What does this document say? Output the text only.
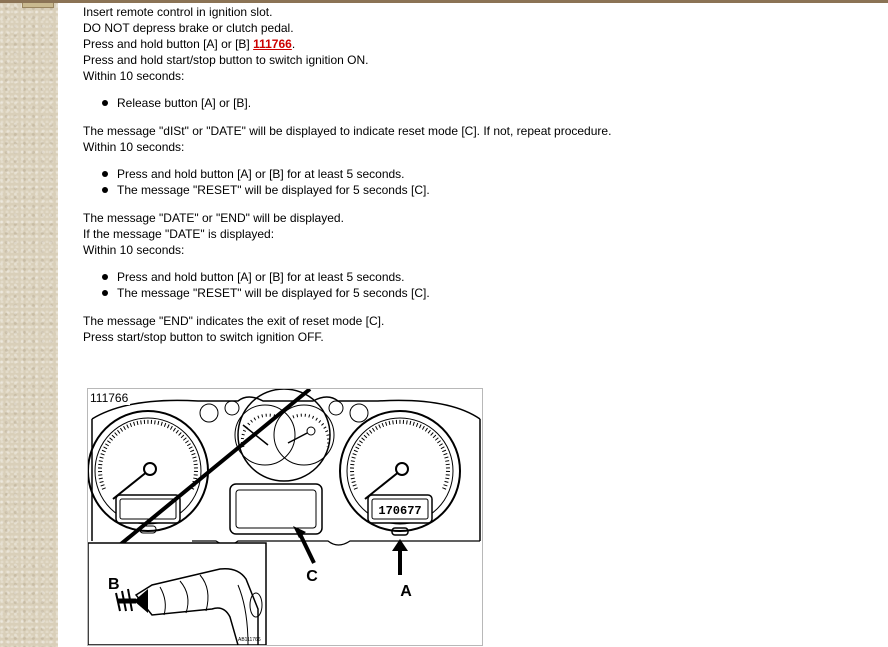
Insert remote control in ignition slot.

DO NOT depress brake or clutch pedal.

Press and hold button [A] or [B] 111766.

Press and hold start/stop button to switch ignition ON.

Within 10 seconds:

Release button [A] or [B].

The message "dISt" or "DATE" will be displayed to indicate reset mode [C]. If not, repeat procedure.

Within 10 seconds:

Press and hold button [A] or [B] for at least 5 seconds.
The message "RESET" will be displayed for 5 seconds [C].

The message "DATE" or "END" will be displayed.

If the message "DATE" is displayed:

Within 10 seconds:

Press and hold button [A] or [B] for at least 5 seconds.
The message "RESET" will be displayed for 5 seconds [C].

The message "END" indicates the exit of reset mode [C].

Press start/stop button to switch ignition OFF.

170677
C
A
B
AB111766
111766
